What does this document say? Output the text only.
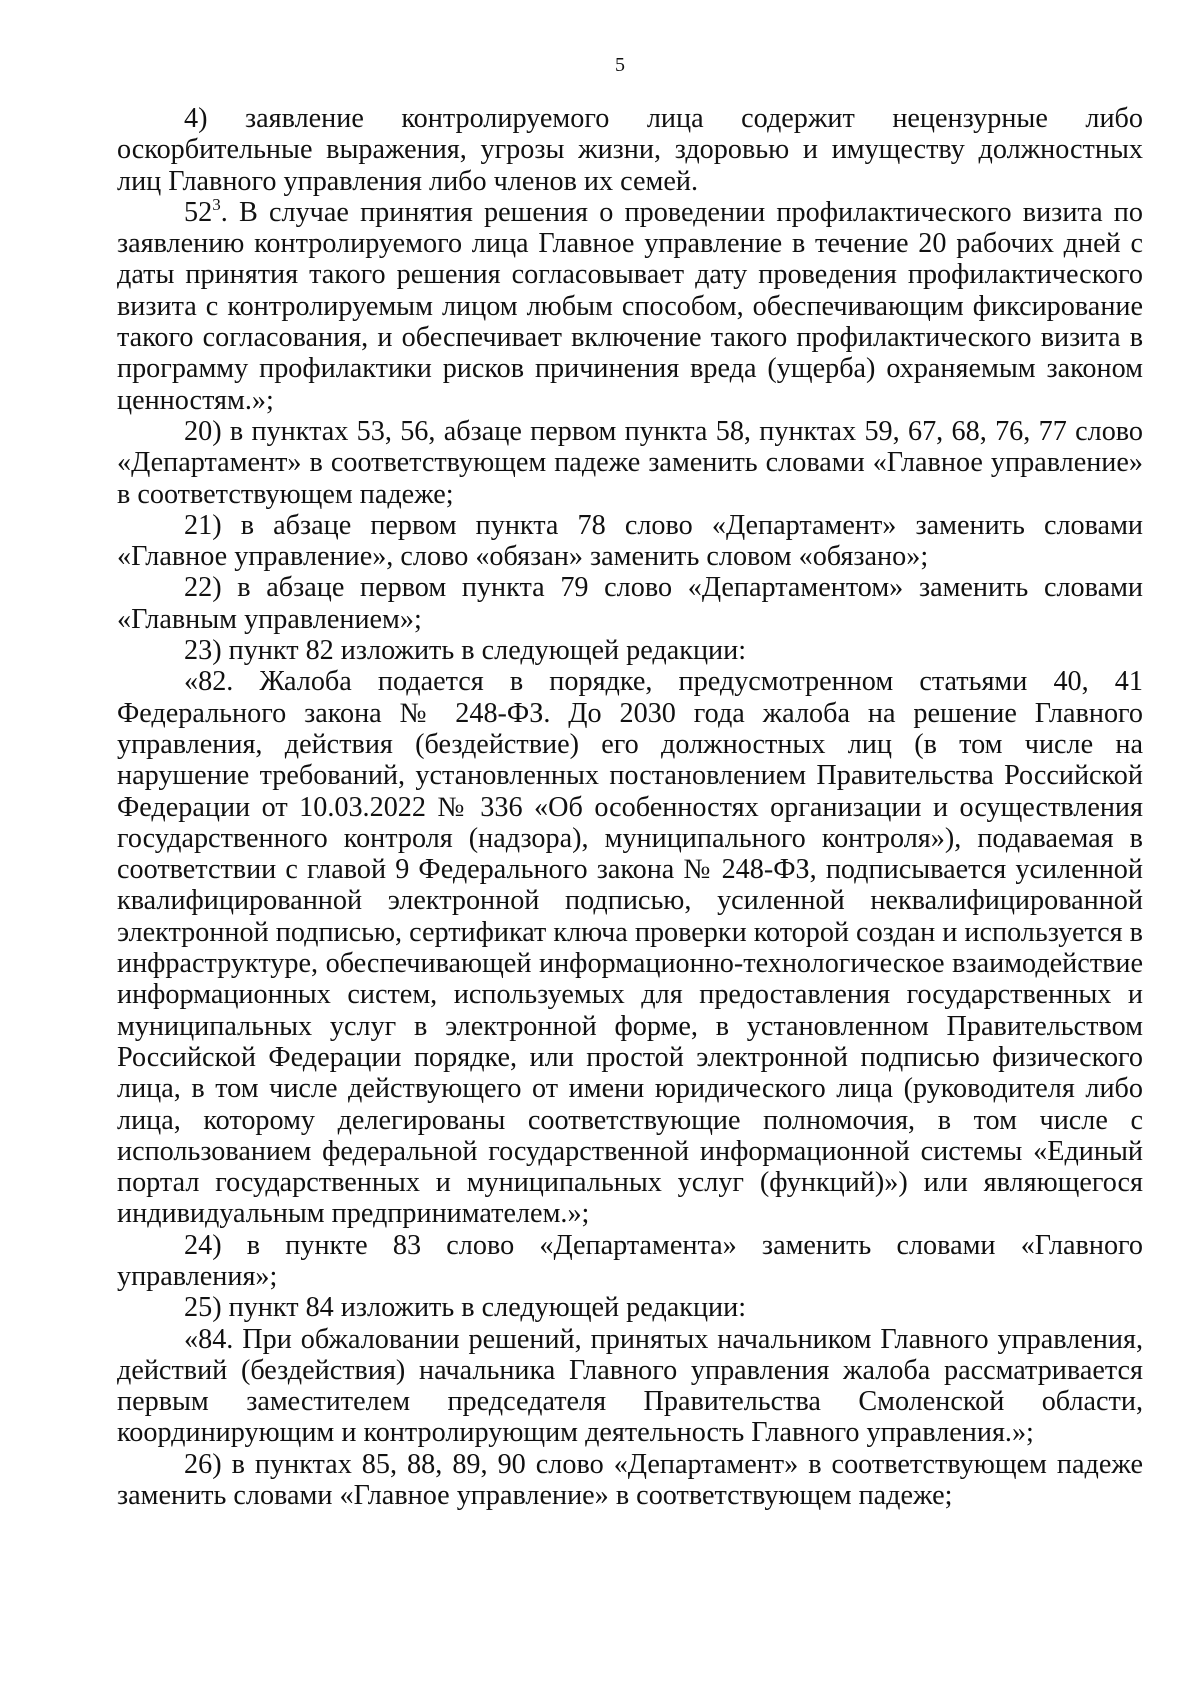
5

4) заявление контролируемого лица содержит нецензурные либо оскорбительные выражения, угрозы жизни, здоровью и имуществу должностных лиц Главного управления либо членов их семей.

$52^3$. В случае принятия решения о проведении профилактического визита по заявлению контролируемого лица Главное управление в течение 20 рабочих дней с даты принятия такого решения согласовывает дату проведения профилактического визита с контролируемым лицом любым способом, обеспечивающим фиксирование такого согласования, и обеспечивает включение такого профилактического визита в программу профилактики рисков причинения вреда (ущерба) охраняемым законом ценностям.»;

20) в пунктах 53, 56, абзаце первом пункта 58, пунктах 59, 67, 68, 76, 77 слово «Департамент» в соответствующем падеже заменить словами «Главное управление» в соответствующем падеже;

21) в абзаце первом пункта 78 слово «Департамент» заменить словами «Главное управление», слово «обязан» заменить словом «обязано»;

22) в абзаце первом пункта 79 слово «Департаментом» заменить словами «Главным управлением»;

23) пункт 82 изложить в следующей редакции:

«82. Жалоба подается в порядке, предусмотренном статьями 40, 41 Федерального закона № 248-ФЗ. До 2030 года жалоба на решение Главного управления, действия (бездействие) его должностных лиц (в том числе на нарушение требований, установленных постановлением Правительства Российской Федерации от 10.03.2022 № 336 «Об особенностях организации и осуществления государственного контроля (надзора), муниципального контроля»), подаваемая в соответствии с главой 9 Федерального закона № 248-ФЗ, подписывается усиленной квалифицированной электронной подписью, усиленной неквалифицированной электронной подписью, сертификат ключа проверки которой создан и используется в инфраструктуре, обеспечивающей информационно-технологическое взаимодействие информационных систем, используемых для предоставления государственных и муниципальных услуг в электронной форме, в установленном Правительством Российской Федерации порядке, или простой электронной подписью физического лица, в том числе действующего от имени юридического лица (руководителя либо лица, которому делегированы соответствующие полномочия, в том числе с использованием федеральной государственной информационной системы «Единый портал государственных и муниципальных услуг (функций)») или являющегося индивидуальным предпринимателем.»;

24) в пункте 83 слово «Департамента» заменить словами «Главного управления»;

25) пункт 84 изложить в следующей редакции:

«84. При обжаловании решений, принятых начальником Главного управления, действий (бездействия) начальника Главного управления жалоба рассматривается первым заместителем председателя Правительства Смоленской области, координирующим и контролирующим деятельность Главного управления.»;

26) в пунктах 85, 88, 89, 90 слово «Департамент» в соответствующем падеже заменить словами «Главное управление» в соответствующем падеже;
